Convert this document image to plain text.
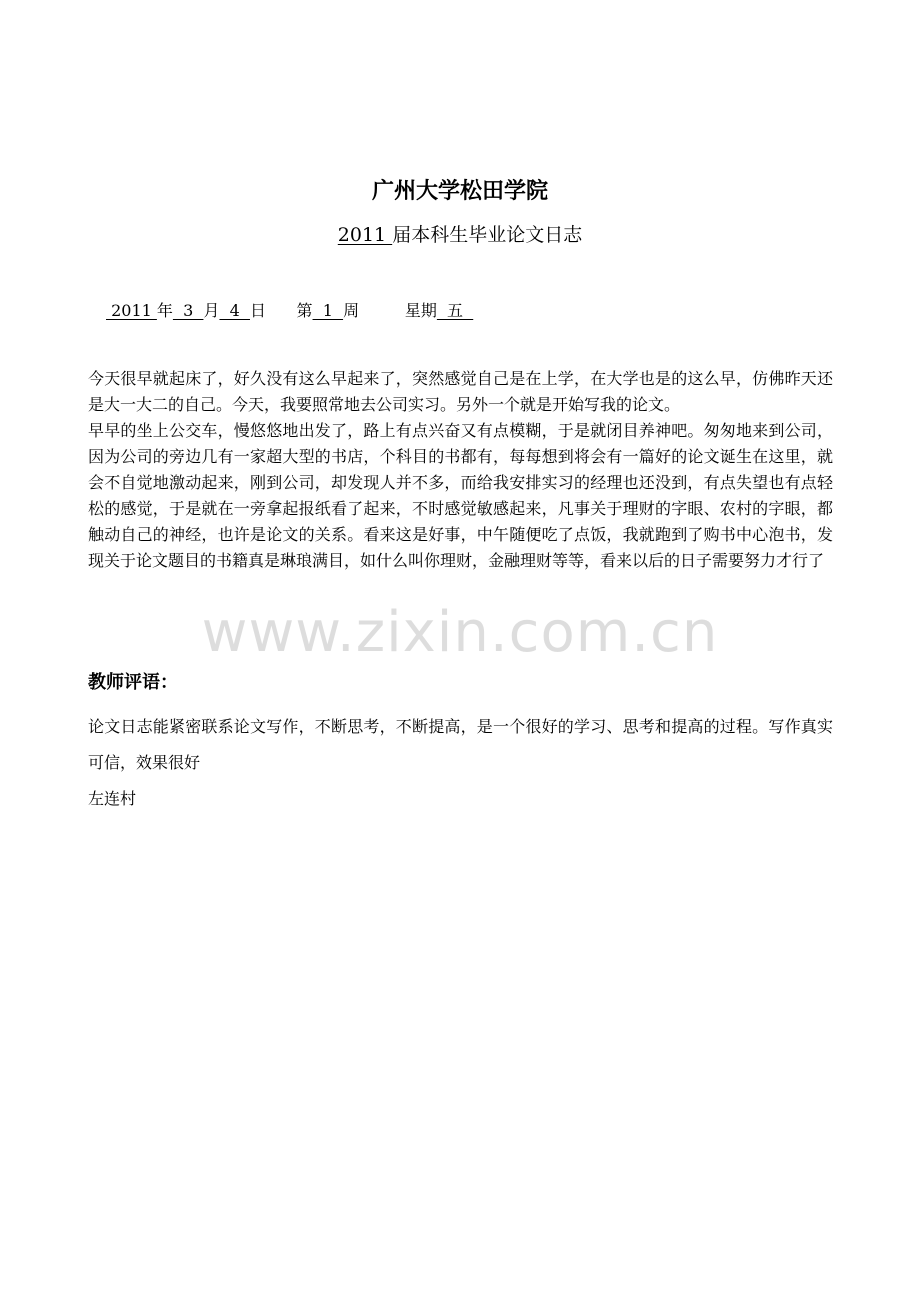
广州大学松田学院
2011 届本科生毕业论文日志
2011 年  3  月  4  日 第  1  周	星期  五

今天很早就起床了，好久没有这么早起来了，突然感觉自己是在上学，在大学也是的这么早，仿佛昨天还是大一大二的自己。今天，我要照常地去公司实习。另外一个就是开始写我的论文。

早早的坐上公交车，慢悠悠地出发了，路上有点兴奋又有点模糊，于是就闭目养神吧。匆匆地来到公司，因为公司的旁边几有一家超大型的书店，个科目的书都有，每每想到将会有一篇好的论文诞生在这里，就会不自觉地激动起来，刚到公司，却发现人并不多，而给我安排实习的经理也还没到，有点失望也有点轻松的感觉，于是就在一旁拿起报纸看了起来，不时感觉敏感起来，凡事关于理财的字眼、农村的字眼，都触动自己的神经，也许是论文的关系。看来这是好事，中午随便吃了点饭，我就跑到了购书中心泡书，发现关于论文题目的书籍真是琳琅满目，如什么叫你理财，金融理财等等，看来以后的日子需要努力才行了

www.zixin.com.cn
教师评语：
论文日志能紧密联系论文写作，不断思考，不断提高，是一个很好的学习、思考和提高的过程。写作真实可信，效果很好
左连村
